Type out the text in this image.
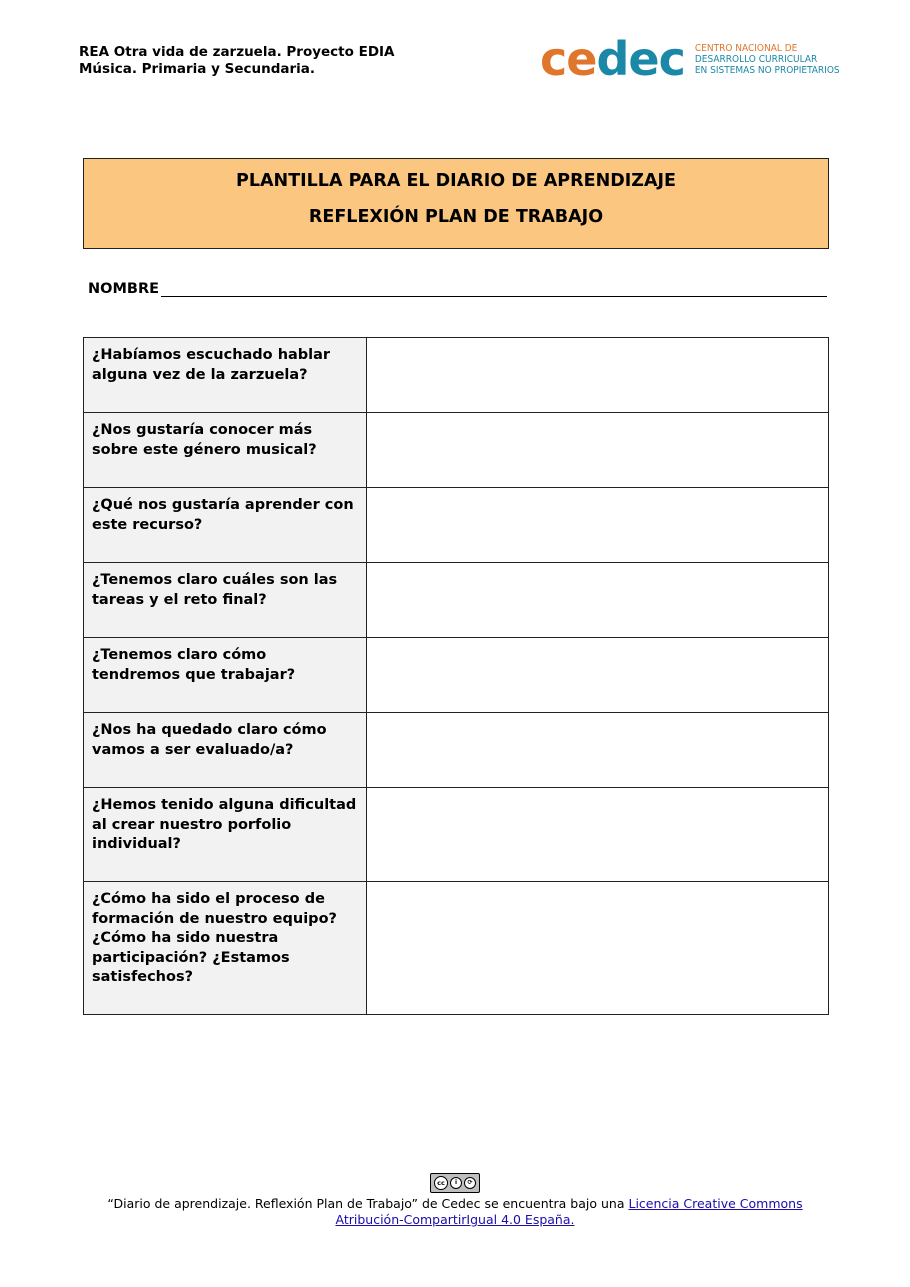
REA Otra vida de zarzuela. Proyecto EDIA
Música. Primaria y Secundaria.	cedec CENTRO NACIONAL DE
DESARROLLO CURRICULAR
EN SISTEMAS NO PROPIETARIOS
PLANTILLA PARA EL DIARIO DE APRENDIZAJE
REFLEXIÓN PLAN DE TRABAJO
NOMBRE
¿Habíamos escuchado hablar alguna vez de la zarzuela?	
¿Nos gustaría conocer más sobre este género musical?	
¿Qué nos gustaría aprender con este recurso?	
¿Tenemos claro cuáles son las tareas y el reto final?	
¿Tenemos claro cómo tendremos que trabajar?	
¿Nos ha quedado claro cómo vamos a ser evaluado/a?	
¿Hemos tenido alguna dificultad al crear nuestro porfolio individual?	
¿Cómo ha sido el proceso de formación de nuestro equipo? ¿Cómo ha sido nuestra participación? ¿Estamos satisfechos?	
cc	i	⟳
“Diario de aprendizaje. Reflexión Plan de Trabajo” de Cedec se encuentra bajo una Licencia Creative Commons
Atribución-CompartirIgual 4.0 España.
